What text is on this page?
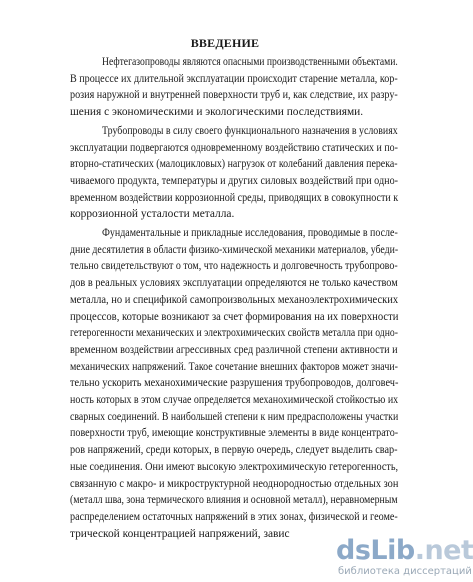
ВВЕДЕНИЕ
Нефтегазопроводы являются опасными производственными объектами.
В процессе их длительной эксплуатации происходит старение металла, кор-
розия наружной и внутренней поверхности труб и, как следствие, их разру-
шения с экономическими и экологическими последствиями.
Трубопроводы в силу своего функционального назначения в условиях
эксплуатации подвергаются одновременному воздействию статических и по-
вторно-статических (малоцикловых) нагрузок от колебаний давления перека-
чиваемого продукта, температуры и других силовых воздействий при одно-
временном воздействии коррозионной среды, приводящих в совокупности к
коррозионной усталости металла.
Фундаментальные и прикладные исследования, проводимые в после-
дние десятилетия в области физико-химической механики материалов, убеди-
тельно свидетельствуют о том, что надежность и долговечность трубопрово-
дов в реальных условиях эксплуатации определяются не только качеством
металла, но и спецификой самопроизвольных механоэлектрохимических
процессов, которые возникают за счет формирования на их поверхности
гетерогенности механических и электрохимических свойств металла при одно-
временном воздействии агрессивных сред различной степени активности и
механических напряжений. Такое сочетание внешних факторов может значи-
тельно ускорить механохимические разрушения трубопроводов, долговеч-
ность которых в этом случае определяется механохимической стойкостью их
сварных соединений. В наибольшей степени к ним предрасположены участки
поверхности труб, имеющие конструктивные элементы в виде концентрато-
ров напряжений, среди которых, в первую очередь, следует выделить свар-
ные соединения. Они имеют высокую электрохимическую гетерогенность,
связанную с макро- и микроструктурной неоднородностью отдельных зон
(металл шва, зона термического влияния и основной металл), неравномерным
распределением остаточных напряжений в этих зонах, физической и геоме-
трической концентрацией напряжений, завис
dsLib.net
библиотека диссертаций
